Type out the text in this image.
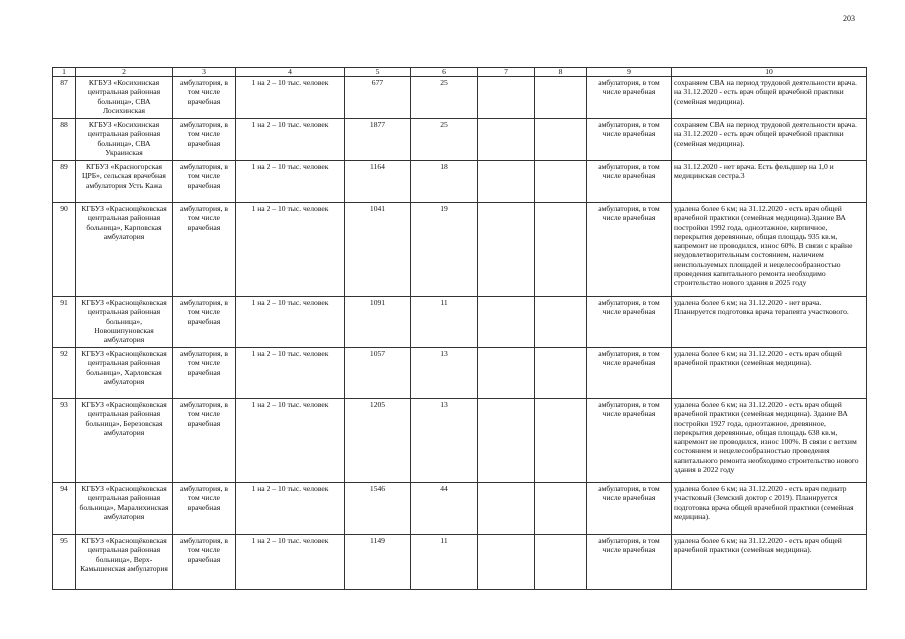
203
1	2	3	4	5	6	7	8	9	10
87	КГБУЗ «Косихинская центральная районная больница», СВА Лосихинская	амбулатория, в том числе врачебная	1 на 2 – 10 тыс. человек	677	25			амбулатория, в том числе врачебная	сохраняем СВА на период трудовой деятельности врача. на 31.12.2020 - есть врач общей врачебной практики (семейная медицина).
88	КГБУЗ «Косихинская центральная районная больница», СВА Украинская	амбулатория, в том числе врачебная	1 на 2 – 10 тыс. человек	1877	25			амбулатория, в том числе врачебная	сохраняем СВА на период трудовой деятельности врача. на 31.12.2020 - есть врач общей врачебной практики (семейная медицина).
89	КГБУЗ «Красногорская ЦРБ», сельская врачебная амбулатория Усть Кажа	амбулатория, в том числе врачебная	1 на 2 – 10 тыс. человек	1164	18			амбулатория, в том числе врачебная	на 31.12.2020 - нет врача. Есть фельдшер на 1,0 и медицинская сестра.3
90	КГБУЗ «Краснощёковская центральная районная больница», Карповская амбулатория	амбулатория, в том числе врачебная	1 на 2 – 10 тыс. человек	1041	19			амбулатория, в том числе врачебная	удалена более 6 км; на 31.12.2020 - есть врач общей врачебной практики (семейная медицина).Здание ВА постройки 1992 года, одноэтажное, кирпичное, перекрытия деревянные, общая площадь 935 кв.м, капремонт не проводился, износ 60%. В связи с крайне неудовлетворительным состоянием, наличием неиспользуемых площадей и нецелесообразностью проведения капитального ремонта необходимо строительство нового здания в 2025 году
91	КГБУЗ «Краснощёковская центральная районная больница», Новошипуновская амбулатория	амбулатория, в том числе врачебная	1 на 2 – 10 тыс. человек	1091	11			амбулатория, в том числе врачебная	удалена более 6 км; на 31.12.2020 - нет врача. Планируется подготовка врача терапевта участкового.
92	КГБУЗ «Краснощёковская центральная районная больница», Харловская амбулатория	амбулатория, в том числе врачебная	1 на 2 – 10 тыс. человек	1057	13			амбулатория, в том числе врачебная	удалена более 6 км; на 31.12.2020 - есть врач общей врачебной практики (семейная медицина).
93	КГБУЗ «Краснощёковская центральная районная больница», Березовская амбулатория	амбулатория, в том числе врачебная	1 на 2 – 10 тыс. человек	1205	13			амбулатория, в том числе врачебная	удалена более 6 км; на 31.12.2020 - есть врач общей врачебной практики (семейная медицина). Здание ВА постройки 1927 года, одноэтажное, древянное, перекрытия деревянные, общая площадь 638 кв.м, капремонт не проводился, износ 100%. В связи с ветхим состоянием и нецелесообразностью проведения капитального ремонта необходимо строительство нового здания в 2022 году
94	КГБУЗ «Краснощёковская центральная районная больница», Маралихинская амбулатория	амбулатория, в том числе врачебная	1 на 2 – 10 тыс. человек	1546	44			амбулатория, в том числе врачебная	удалена более 6 км; на 31.12.2020 - есть врач педиатр участковый (Земский доктор с 2019). Планируется подготовка врача общей врачебной практики (семейная медицина).
95	КГБУЗ «Краснощёковская центральная районная больница», Верх-Камышенская амбулатория	амбулатория, в том числе врачебная	1 на 2 – 10 тыс. человек	1149	11			амбулатория, в том числе врачебная	удалена более 6 км; на 31.12.2020 - есть врач общей врачебной практики (семейная медицина).
